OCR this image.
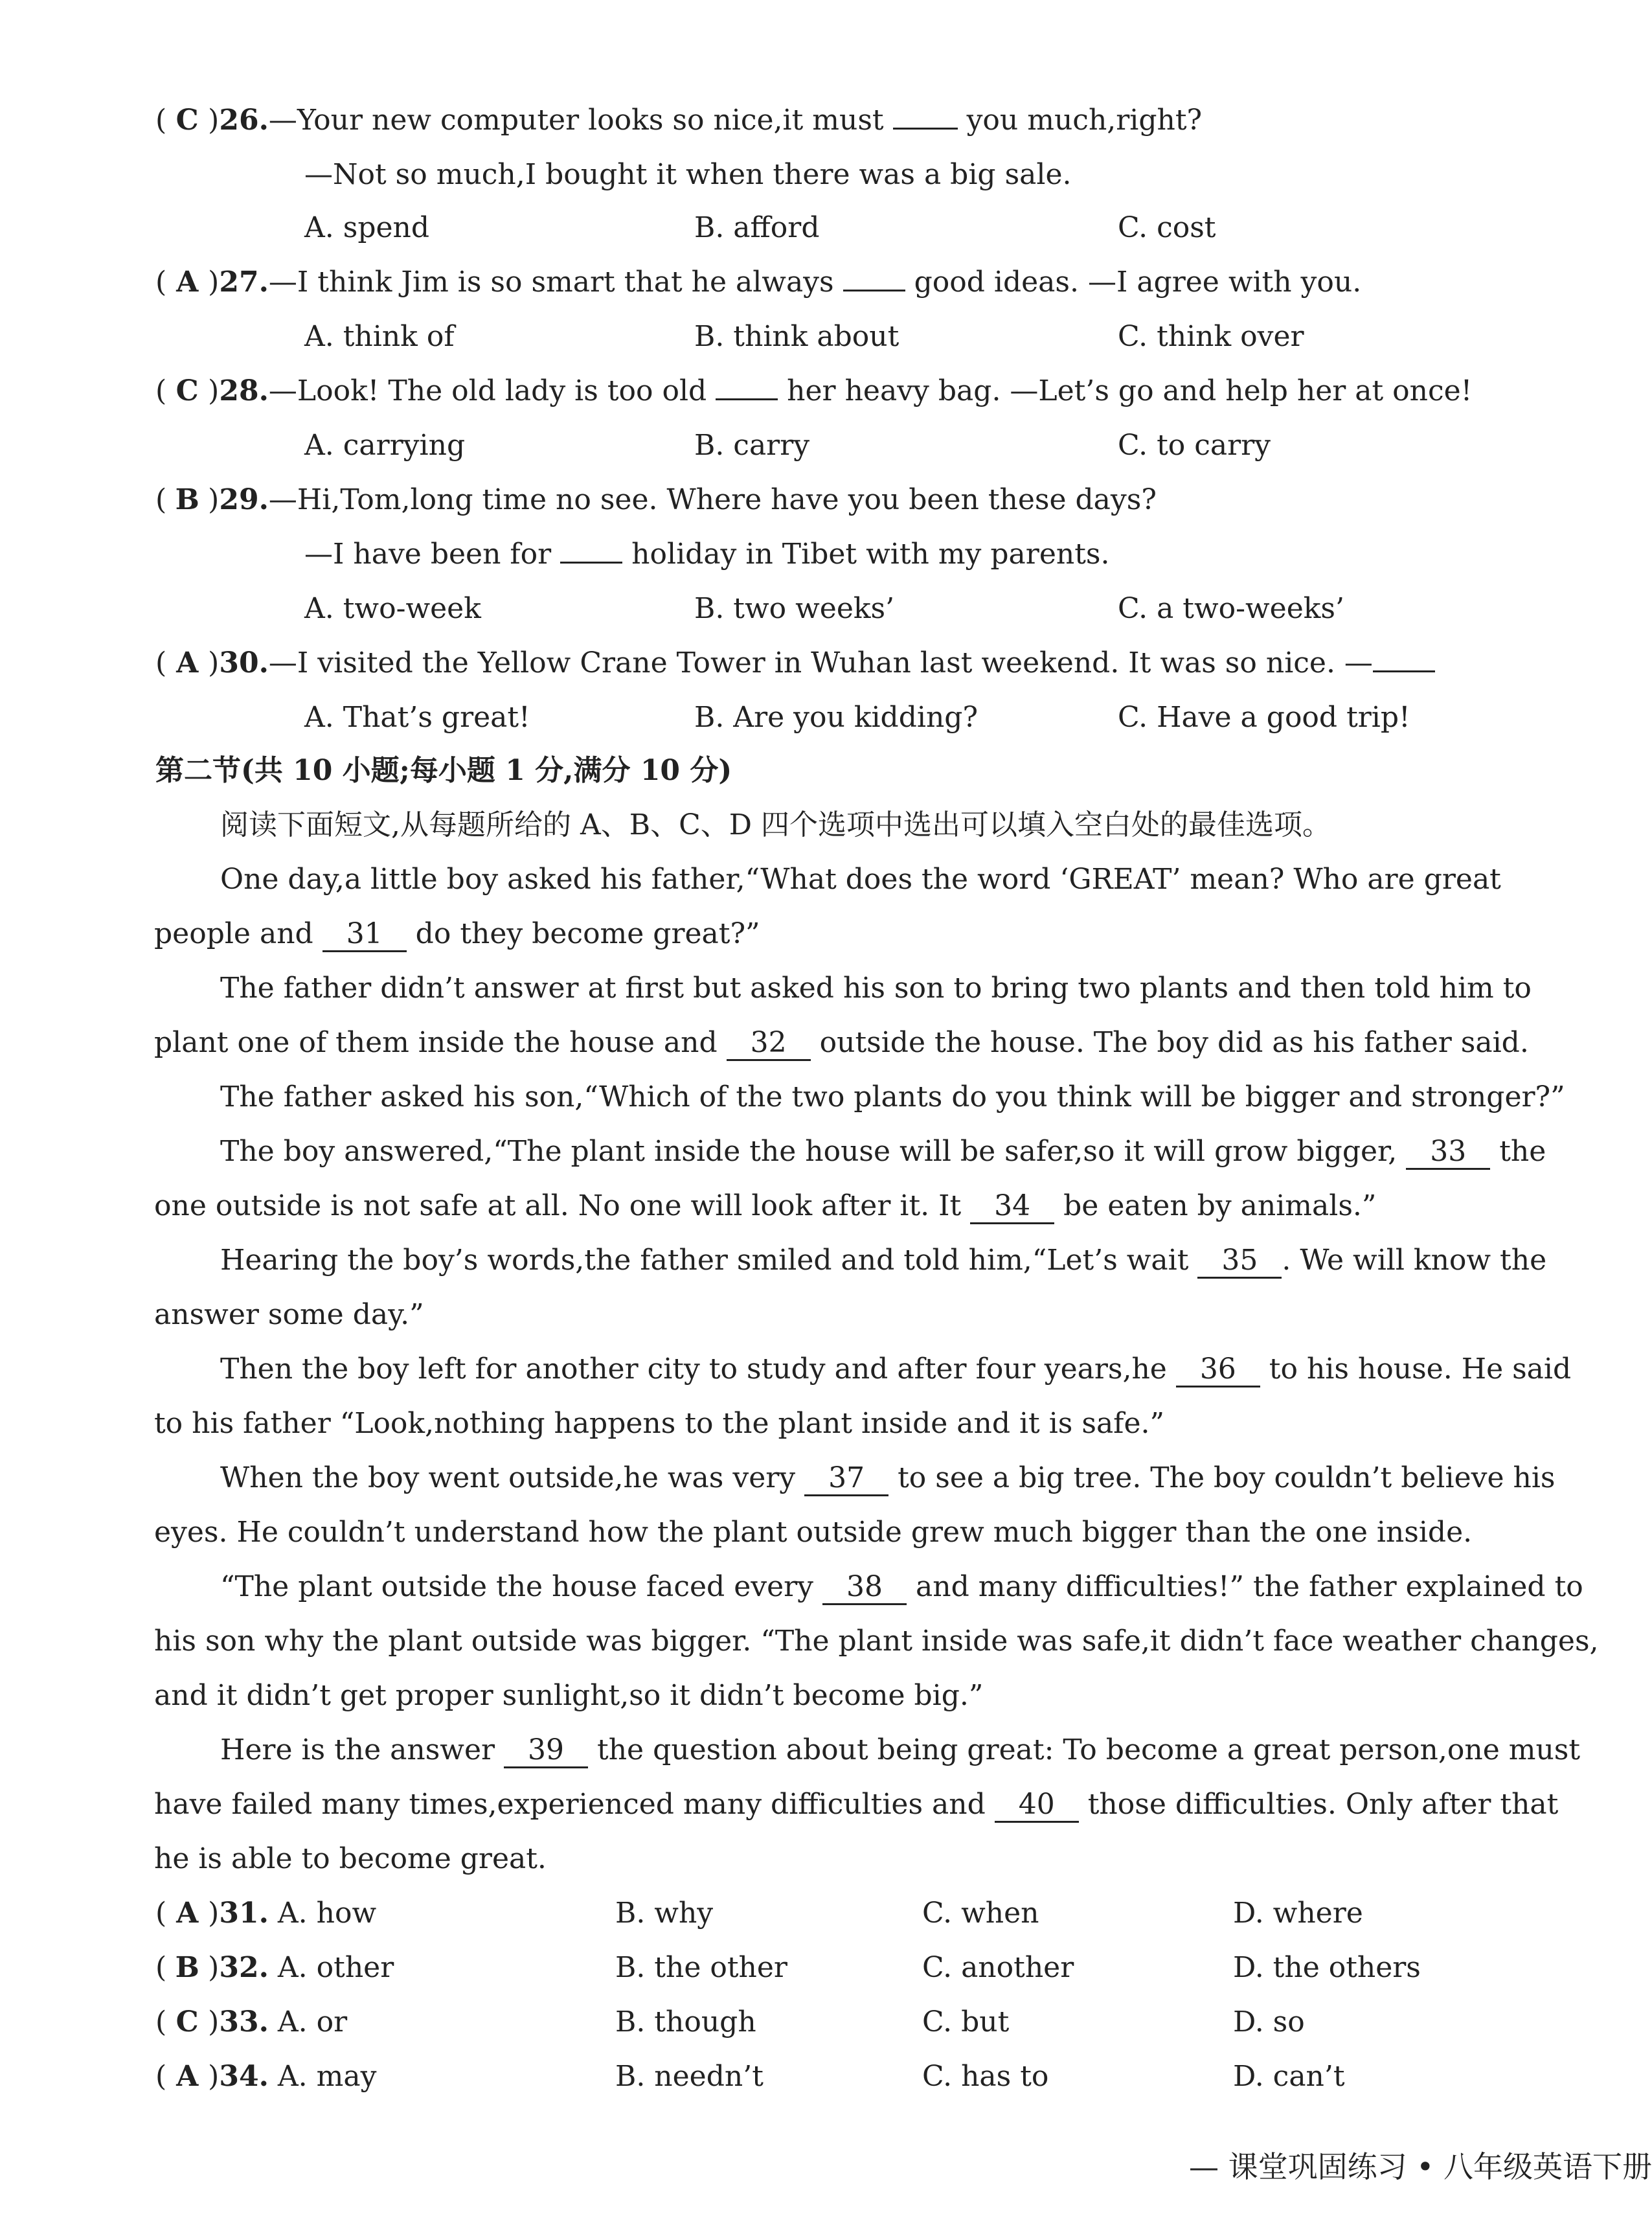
( C )26.—Your new computer looks so nice,it must  you much,right?
—Not so much,I bought it when there was a big sale.
A. spend	B. afford	C. cost
( A )27.—I think Jim is so smart that he always  good ideas. —I agree with you.
A. think of	B. think about	C. think over
( C )28.—Look! The old lady is too old  her heavy bag. —Let’s go and help her at once!
A. carrying	B. carry	C. to carry
( B )29.—Hi,Tom,long time no see. Where have you been these days?
—I have been for  holiday in Tibet with my parents.
A. two-week	B. two weeks’	C. a two-weeks’
( A )30.—I visited the Yellow Crane Tower in Wuhan last weekend. It was so nice. —
A. That’s great!	B. Are you kidding?	C. Have a good trip!
第二节(共 10 小题;每小题 1 分,满分 10 分)
阅读下面短文,从每题所给的 A、B、C、D 四个选项中选出可以填入空白处的最佳选项。
One day,a little boy asked his father,“What does the word ‘GREAT’ mean? Who are great
people and 31 do they become great?”
The father didn’t answer at first but asked his son to bring two plants and then told him to
plant one of them inside the house and 32 outside the house. The boy did as his father said.
The father asked his son,“Which of the two plants do you think will be bigger and stronger?”
The boy answered,“The plant inside the house will be safer,so it will grow bigger, 33 the
one outside is not safe at all. No one will look after it. It 34 be eaten by animals.”
Hearing the boy’s words,the father smiled and told him,“Let’s wait 35 . We will know the
answer some day.”
Then the boy left for another city to study and after four years,he 36 to his house. He said
to his father “Look,nothing happens to the plant inside and it is safe.”
When the boy went outside,he was very 37 to see a big tree. The boy couldn’t believe his
eyes. He couldn’t understand how the plant outside grew much bigger than the one inside.
“The plant outside the house faced every 38 and many difficulties!” the father explained to
his son why the plant outside was bigger. “The plant inside was safe,it didn’t face weather changes,
and it didn’t get proper sunlight,so it didn’t become big.”
Here is the answer 39 the question about being great: To become a great person,one must
have failed many times,experienced many difficulties and 40 those difficulties. Only after that
he is able to become great.
( A )31. A. how	B. why	C. when	D. where
( B )32. A. other	B. the other	C. another	D. the others
( C )33. A. or	B. though	C. but	D. so
( A )34. A. may	B. needn’t	C. has to	D. can’t
— 课堂巩固练习 • 八年级英语下册
